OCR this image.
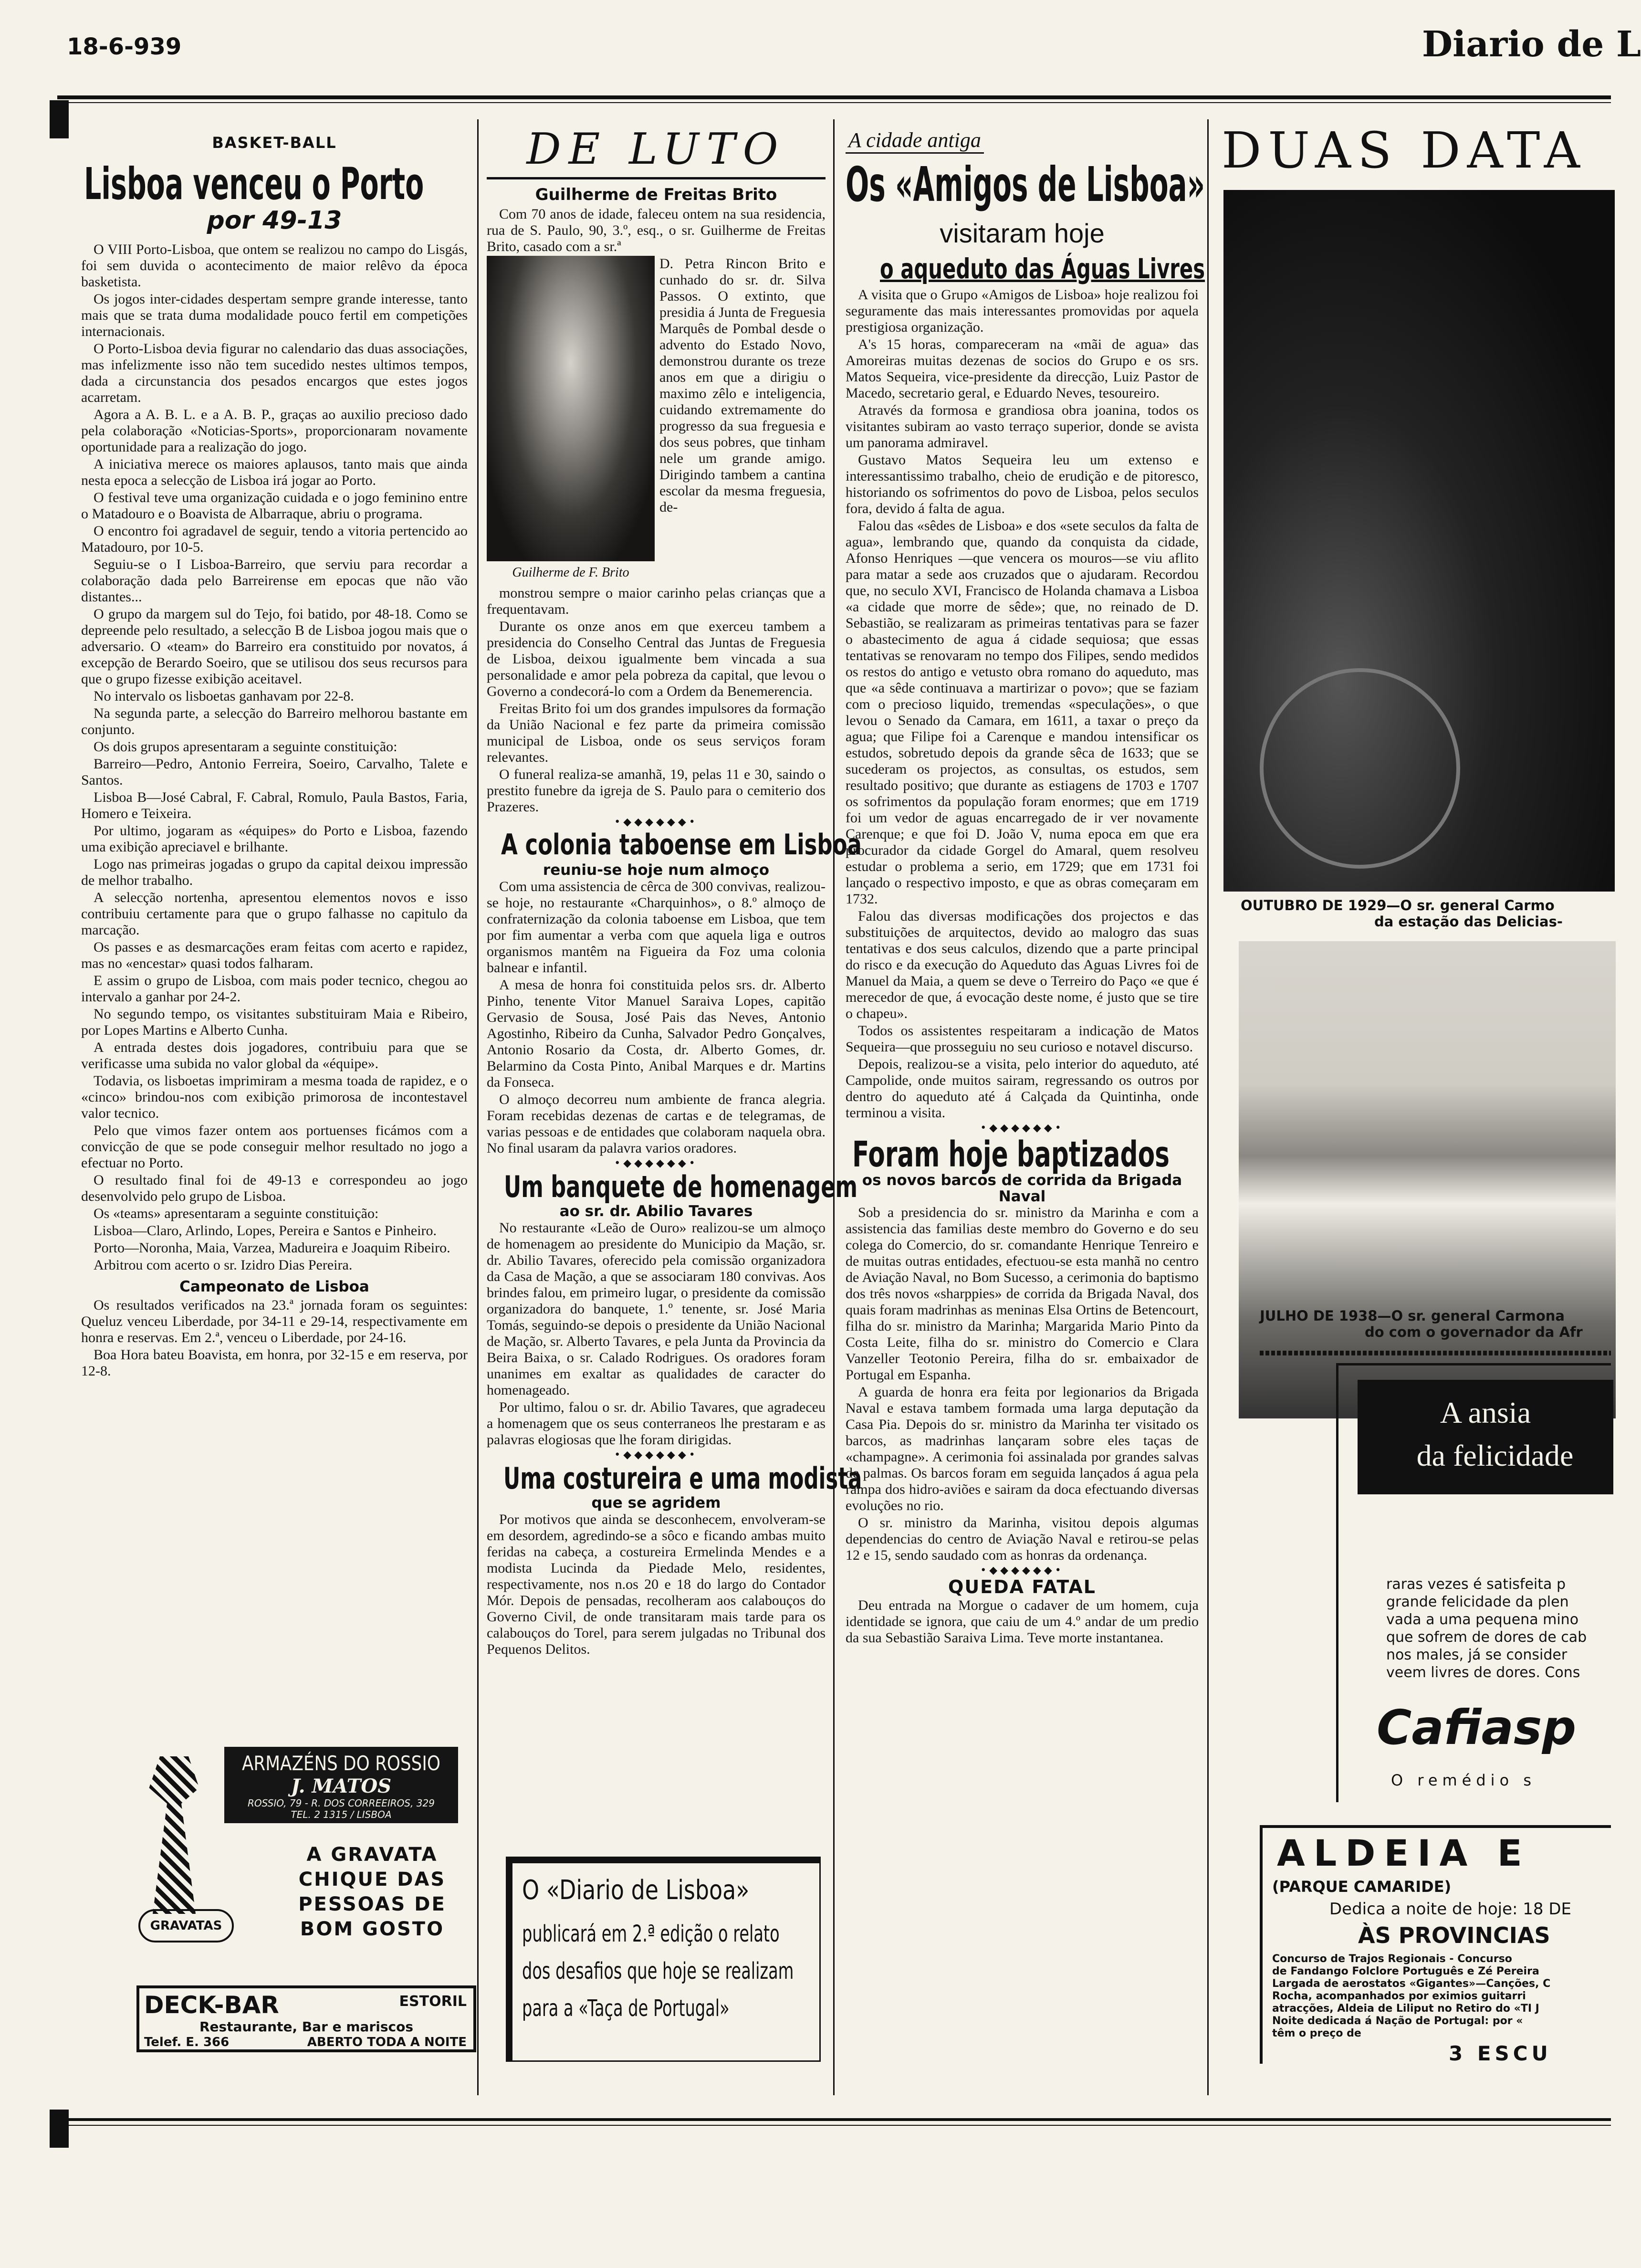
18-6-939	Diario de L
BASKET-BALL
Lisboa venceu o Porto
por 49-13

O VIII Porto-Lisboa, que ontem se realizou no campo do Lisgás, foi sem duvida o acontecimento de maior relêvo da época basketista.

Os jogos inter-cidades despertam sempre grande interesse, tanto mais que se trata duma modalidade pouco fertil em competições internacionais.

O Porto-Lisboa devia figurar no calendario das duas associações, mas infelizmente isso não tem sucedido nestes ultimos tempos, dada a circunstancia dos pesados encargos que estes jogos acarretam.

Agora a A. B. L. e a A. B. P., graças ao auxilio precioso dado pela colaboração «Noticias-Sports», proporcionaram novamente oportunidade para a realização do jogo.

A iniciativa merece os maiores aplausos, tanto mais que ainda nesta epoca a selecção de Lisboa irá jogar ao Porto.

O festival teve uma organização cuidada e o jogo feminino entre o Matadouro e o Boavista de Albarraque, abriu o programa.

O encontro foi agradavel de seguir, tendo a vitoria pertencido ao Matadouro, por 10-5.

Seguiu-se o I Lisboa-Barreiro, que serviu para recordar a colaboração dada pelo Barreirense em epocas que não vão distantes...

O grupo da margem sul do Tejo, foi batido, por 48-18. Como se depreende pelo resultado, a selecção B de Lisboa jogou mais que o adversario. O «team» do Barreiro era constituido por novatos, á excepção de Berardo Soeiro, que se utilisou dos seus recursos para que o grupo fizesse exibição aceitavel.

No intervalo os lisboetas ganhavam por 22-8.

Na segunda parte, a selecção do Barreiro melhorou bastante em conjunto.

Os dois grupos apresentaram a seguinte constituição:

Barreiro—Pedro, Antonio Ferreira, Soeiro, Carvalho, Talete e Santos.

Lisboa B—José Cabral, F. Cabral, Romulo, Paula Bastos, Faria, Homero e Teixeira.

Por ultimo, jogaram as «équipes» do Porto e Lisboa, fazendo uma exibição apreciavel e brilhante.

Logo nas primeiras jogadas o grupo da capital deixou impressão de melhor trabalho.

A selecção nortenha, apresentou elementos novos e isso contribuiu certamente para que o grupo falhasse no capitulo da marcação.

Os passes e as desmarcações eram feitas com acerto e rapidez, mas no «encestar» quasi todos falharam.

E assim o grupo de Lisboa, com mais poder tecnico, chegou ao intervalo a ganhar por 24-2.

No segundo tempo, os visitantes substituiram Maia e Ribeiro, por Lopes Martins e Alberto Cunha.

A entrada destes dois jogadores, contribuiu para que se verificasse uma subida no valor global da «équipe».

Todavia, os lisboetas imprimiram a mesma toada de rapidez, e o «cinco» brindou-nos com exibição primorosa de incontestavel valor tecnico.

Pelo que vimos fazer ontem aos portuenses ficámos com a convicção de que se pode conseguir melhor resultado no jogo a efectuar no Porto.

O resultado final foi de 49-13 e correspondeu ao jogo desenvolvido pelo grupo de Lisboa.

Os «teams» apresentaram a seguinte constituição:

Lisboa—Claro, Arlindo, Lopes, Pereira e Santos e Pinheiro.

Porto—Noronha, Maia, Varzea, Madureira e Joaquim Ribeiro.

Arbitrou com acerto o sr. Izidro Dias Pereira.

Campeonato de Lisboa

Os resultados verificados na 23.ª jornada foram os seguintes: Queluz venceu Liberdade, por 34-11 e 29-14, respectivamente em honra e reservas. Em 2.ª, venceu o Liberdade, por 24-16.

Boa Hora bateu Boavista, em honra, por 32-15 e em reserva, por 12-8.

GRAVATAS
ARMAZÉNS DO ROSSIO
J. MATOS
ROSSIO, 79 - R. DOS CORREEIROS, 329
TEL. 2 1315 / LISBOA
A GRAVATA
CHIQUE DAS
PESSOAS DE
BOM GOSTO
DECK-BAR	ESTORIL
Restaurante, Bar e mariscos
Telef. E. 366	ABERTO TODA A NOITE
DE LUTO
Guilherme de Freitas Brito
Com 70 anos de idade, faleceu ontem na sua residencia, rua de S. Paulo, 90, 3.º, esq., o sr. Guilherme de Freitas Brito, casado com a sr.ª
Guilherme de F. Brito
D. Petra Rincon Brito e cunhado do sr. dr. Silva Passos. O extinto, que presidia á Junta de Freguesia Marquês de Pombal desde o advento do Estado Novo, demonstrou durante os treze anos em que a dirigiu o maximo zêlo e inteligencia, cuidando extremamente do progresso da sua freguesia e dos seus pobres, que tinham nele um grande amigo. Dirigindo tambem a cantina escolar da mesma freguesia, de-

monstrou sempre o maior carinho pelas crianças que a frequentavam.

Durante os onze anos em que exerceu tambem a presidencia do Conselho Central das Juntas de Freguesia de Lisboa, deixou igualmente bem vincada a sua personalidade e amor pela pobreza da capital, que levou o Governo a condecorá-lo com a Ordem da Benemerencia.

Freitas Brito foi um dos grandes impulsores da formação da União Nacional e fez parte da primeira comissão municipal de Lisboa, onde os seus serviços foram relevantes.

O funeral realiza-se amanhã, 19, pelas 11 e 30, saindo o prestito funebre da igreja de S. Paulo para o cemiterio dos Prazeres.

•◆◆◆◆◆◆•
A colonia taboense em Lisboa
reuniu-se hoje num almoço

Com uma assistencia de cêrca de 300 convivas, realizou-se hoje, no restaurante «Charquinhos», o 8.º almoço de confraternização da colonia taboense em Lisboa, que tem por fim aumentar a verba com que aquela liga e outros organismos mantêm na Figueira da Foz uma colonia balnear e infantil.

A mesa de honra foi constituida pelos srs. dr. Alberto Pinho, tenente Vitor Manuel Saraiva Lopes, capitão Gervasio de Sousa, José Pais das Neves, Antonio Agostinho, Ribeiro da Cunha, Salvador Pedro Gonçalves, Antonio Rosario da Costa, dr. Alberto Gomes, dr. Belarmino da Costa Pinto, Anibal Marques e dr. Martins da Fonseca.

O almoço decorreu num ambiente de franca alegria. Foram recebidas dezenas de cartas e de telegramas, de varias pessoas e de entidades que colaboram naquela obra. No final usaram da palavra varios oradores.

•◆◆◆◆◆◆•
Um banquete de homenagem
ao sr. dr. Abilio Tavares

No restaurante «Leão de Ouro» realizou-se um almoço de homenagem ao presidente do Municipio da Mação, sr. dr. Abilio Tavares, oferecido pela comissão organizadora da Casa de Mação, a que se associaram 180 convivas. Aos brindes falou, em primeiro lugar, o presidente da comissão organizadora do banquete, 1.º tenente, sr. José Maria Tomás, seguindo-se depois o presidente da União Nacional de Mação, sr. Alberto Tavares, e pela Junta da Provincia da Beira Baixa, o sr. Calado Rodrigues. Os oradores foram unanimes em exaltar as qualidades de caracter do homenageado.

Por ultimo, falou o sr. dr. Abilio Tavares, que agradeceu a homenagem que os seus conterraneos lhe prestaram e as palavras elogiosas que lhe foram dirigidas.

•◆◆◆◆◆◆•
Uma costureira e uma modista
que se agridem

Por motivos que ainda se desconhecem, envolveram-se em desordem, agredindo-se a sôco e ficando ambas muito feridas na cabeça, a costureira Ermelinda Mendes e a modista Lucinda da Piedade Melo, residentes, respectivamente, nos n.os 20 e 18 do largo do Contador Mór. Depois de pensadas, recolheram aos calabouços do Governo Civil, de onde transitaram mais tarde para os calabouços do Torel, para serem julgadas no Tribunal dos Pequenos Delitos.

O «Diario de Lisboa»
publicará em 2.ª edição o relato
dos desafios que hoje se realizam
para a «Taça de Portugal»
A cidade antiga
Os «Amigos de Lisboa»
visitaram hoje
o aqueduto das Águas Livres

A visita que o Grupo «Amigos de Lisboa» hoje realizou foi seguramente das mais interessantes promovidas por aquela prestigiosa organização.

A's 15 horas, compareceram na «mãi de agua» das Amoreiras muitas dezenas de socios do Grupo e os srs. Matos Sequeira, vice-presidente da direcção, Luiz Pastor de Macedo, secretario geral, e Eduardo Neves, tesoureiro.

Através da formosa e grandiosa obra joanina, todos os visitantes subiram ao vasto terraço superior, donde se avista um panorama admiravel.

Gustavo Matos Sequeira leu um extenso e interessantissimo trabalho, cheio de erudição e de pitoresco, historiando os sofrimentos do povo de Lisboa, pelos seculos fora, devido á falta de agua.

Falou das «sêdes de Lisboa» e dos «sete seculos da falta de agua», lembrando que, quando da conquista da cidade, Afonso Henriques —que vencera os mouros—se viu aflito para matar a sede aos cruzados que o ajudaram. Recordou que, no seculo XVI, Francisco de Holanda chamava a Lisboa «a cidade que morre de sêde»; que, no reinado de D. Sebastião, se realizaram as primeiras tentativas para se fazer o abastecimento de agua á cidade sequiosa; que essas tentativas se renovaram no tempo dos Filipes, sendo medidos os restos do antigo e vetusto obra romano do aqueduto, mas que «a sêde continuava a martirizar o povo»; que se faziam com o precioso liquido, tremendas «speculações», o que levou o Senado da Camara, em 1611, a taxar o preço da agua; que Filipe foi a Carenque e mandou intensificar os estudos, sobretudo depois da grande sêca de 1633; que se sucederam os projectos, as consultas, os estudos, sem resultado positivo; que durante as estiagens de 1703 e 1707 os sofrimentos da população foram enormes; que em 1719 foi um vedor de aguas encarregado de ir ver novamente Carenque; e que foi D. João V, numa epoca em que era procurador da cidade Gorgel do Amaral, quem resolveu estudar o problema a serio, em 1729; que em 1731 foi lançado o respectivo imposto, e que as obras começaram em 1732.

Falou das diversas modificações dos projectos e das substituições de arquitectos, devido ao malogro das suas tentativas e dos seus calculos, dizendo que a parte principal do risco e da execução do Aqueduto das Aguas Livres foi de Manuel da Maia, a quem se deve o Terreiro do Paço «e que é merecedor de que, á evocação deste nome, é justo que se tire o chapeu».

Todos os assistentes respeitaram a indicação de Matos Sequeira—que prosseguiu no seu curioso e notavel discurso.

Depois, realizou-se a visita, pelo interior do aqueduto, até Campolide, onde muitos sairam, regressando os outros por dentro do aqueduto até á Calçada da Quintinha, onde terminou a visita.

•◆◆◆◆◆◆•
Foram hoje baptizados
os novos barcos de corrida da Brigada Naval

Sob a presidencia do sr. ministro da Marinha e com a assistencia das familias deste membro do Governo e do seu colega do Comercio, do sr. comandante Henrique Tenreiro e de muitas outras entidades, efectuou-se esta manhã no centro de Aviação Naval, no Bom Sucesso, a cerimonia do baptismo dos três novos «sharppies» de corrida da Brigada Naval, dos quais foram madrinhas as meninas Elsa Ortins de Betencourt, filha do sr. ministro da Marinha; Margarida Mario Pinto da Costa Leite, filha do sr. ministro do Comercio e Clara Vanzeller Teotonio Pereira, filha do sr. embaixador de Portugal em Espanha.

A guarda de honra era feita por legionarios da Brigada Naval e estava tambem formada uma larga deputação da Casa Pia. Depois do sr. ministro da Marinha ter visitado os barcos, as madrinhas lançaram sobre eles taças de «champagne». A cerimonia foi assinalada por grandes salvas de palmas. Os barcos foram em seguida lançados á agua pela rampa dos hidro-aviões e sairam da doca efectuando diversas evoluções no rio.

O sr. ministro da Marinha, visitou depois algumas dependencias do centro de Aviação Naval e retirou-se pelas 12 e 15, sendo saudado com as honras da ordenança.

•◆◆◆◆◆◆•
QUEDA FATAL

Deu entrada na Morgue o cadaver de um homem, cuja identidade se ignora, que caiu de um 4.º andar de um predio da sua Sebastião Saraiva Lima. Teve morte instantanea.

DUAS DATA
OUTUBRO DE 1929—O sr. general Carmo
da estação das Delicias-
JULHO DE 1938—O sr. general Carmona
do com o governador da Afr
A ansia
da felicidade
raras vezes é satisfeita p
grande felicidade da plen
vada a uma pequena mino
que sofrem de dores de cab
nos males, já se consider
veem livres de dores. Cons
Cafiasp
O remédio s
ALDEIA E
(PARQUE CAMARIDE)
Dedica a noite de hoje: 18 DE
ÀS PROVINCIAS
Concurso de Trajos Regionais - Concurso
de Fandango Folclore Português e Zé Pereira
Largada de aerostatos «Gigantes»—Canções, C
Rocha, acompanhados por eximios guitarri
atracções, Aldeia de Liliput no Retiro do «TI J
Noite dedicada á Nação de Portugal: por «
têm o preço de
3 ESCU
